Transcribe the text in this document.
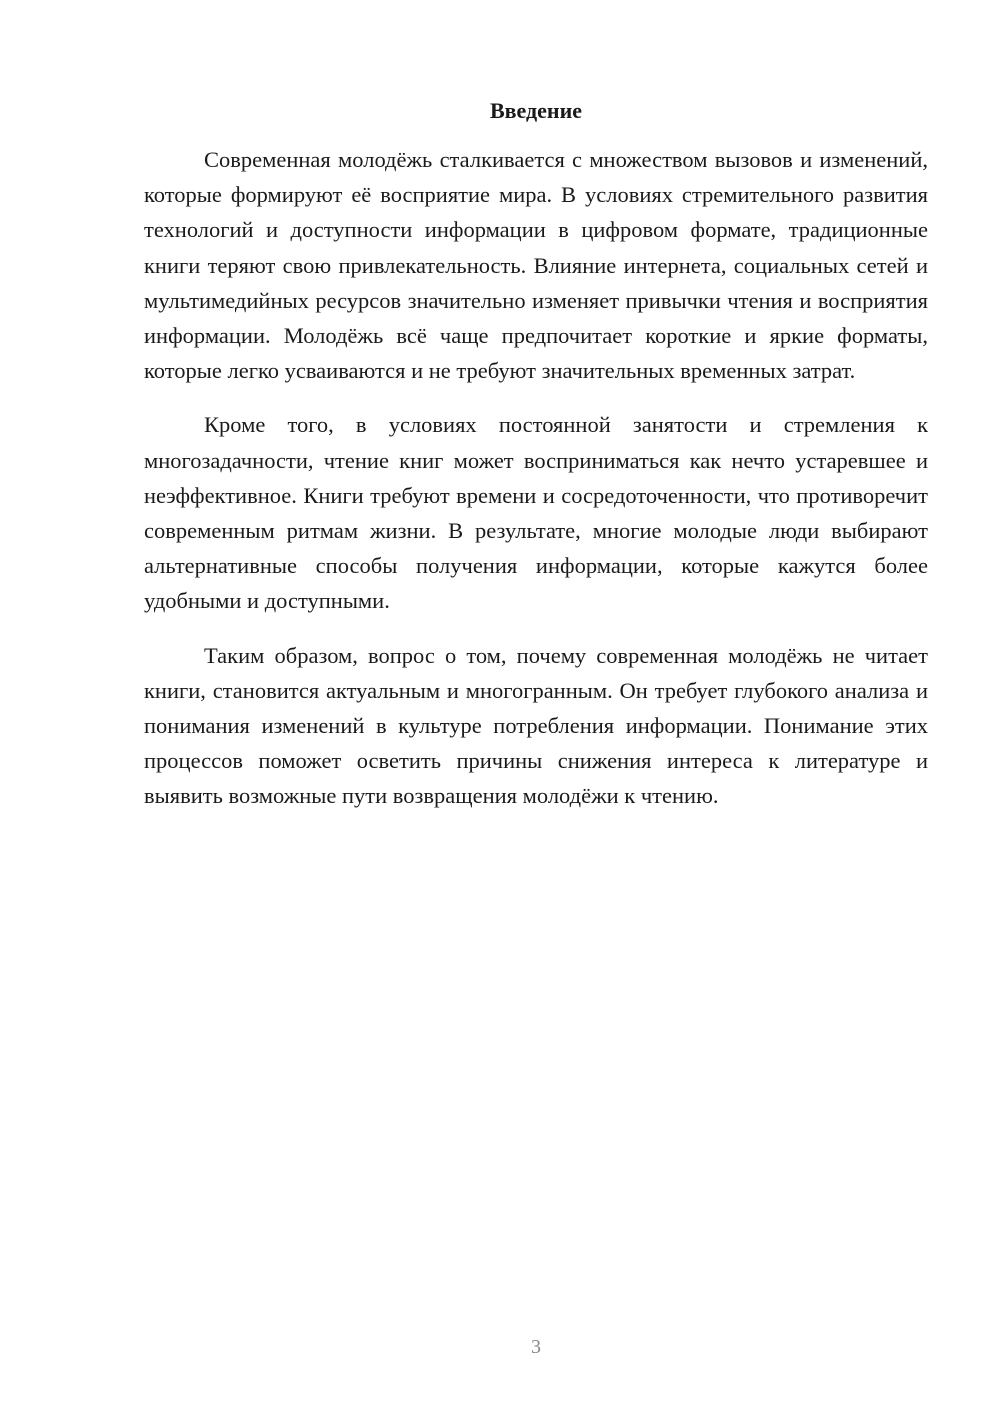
Введение

Современная молодёжь сталкивается с множеством вызовов и изменений, которые формируют её восприятие мира. В условиях стремительного развития технологий и доступности информации в цифровом формате, традиционные книги теряют свою привлекательность. Влияние интернета, социальных сетей и мультимедийных ресурсов значительно изменяет привычки чтения и восприятия информации. Молодёжь всё чаще предпочитает короткие и яркие форматы, которые легко усваиваются и не требуют значительных временных затрат.

Кроме того, в условиях постоянной занятости и стремления к многозадачности, чтение книг может восприниматься как нечто устаревшее и неэффективное. Книги требуют времени и сосредоточенности, что противоречит современным ритмам жизни. В результате, многие молодые люди выбирают альтернативные способы получения информации, которые кажутся более удобными и доступными.

Таким образом, вопрос о том, почему современная молодёжь не читает книги, становится актуальным и многогранным. Он требует глубокого анализа и понимания изменений в культуре потребления информации. Понимание этих процессов поможет осветить причины снижения интереса к литературе и выявить возможные пути возвращения молодёжи к чтению.

3
